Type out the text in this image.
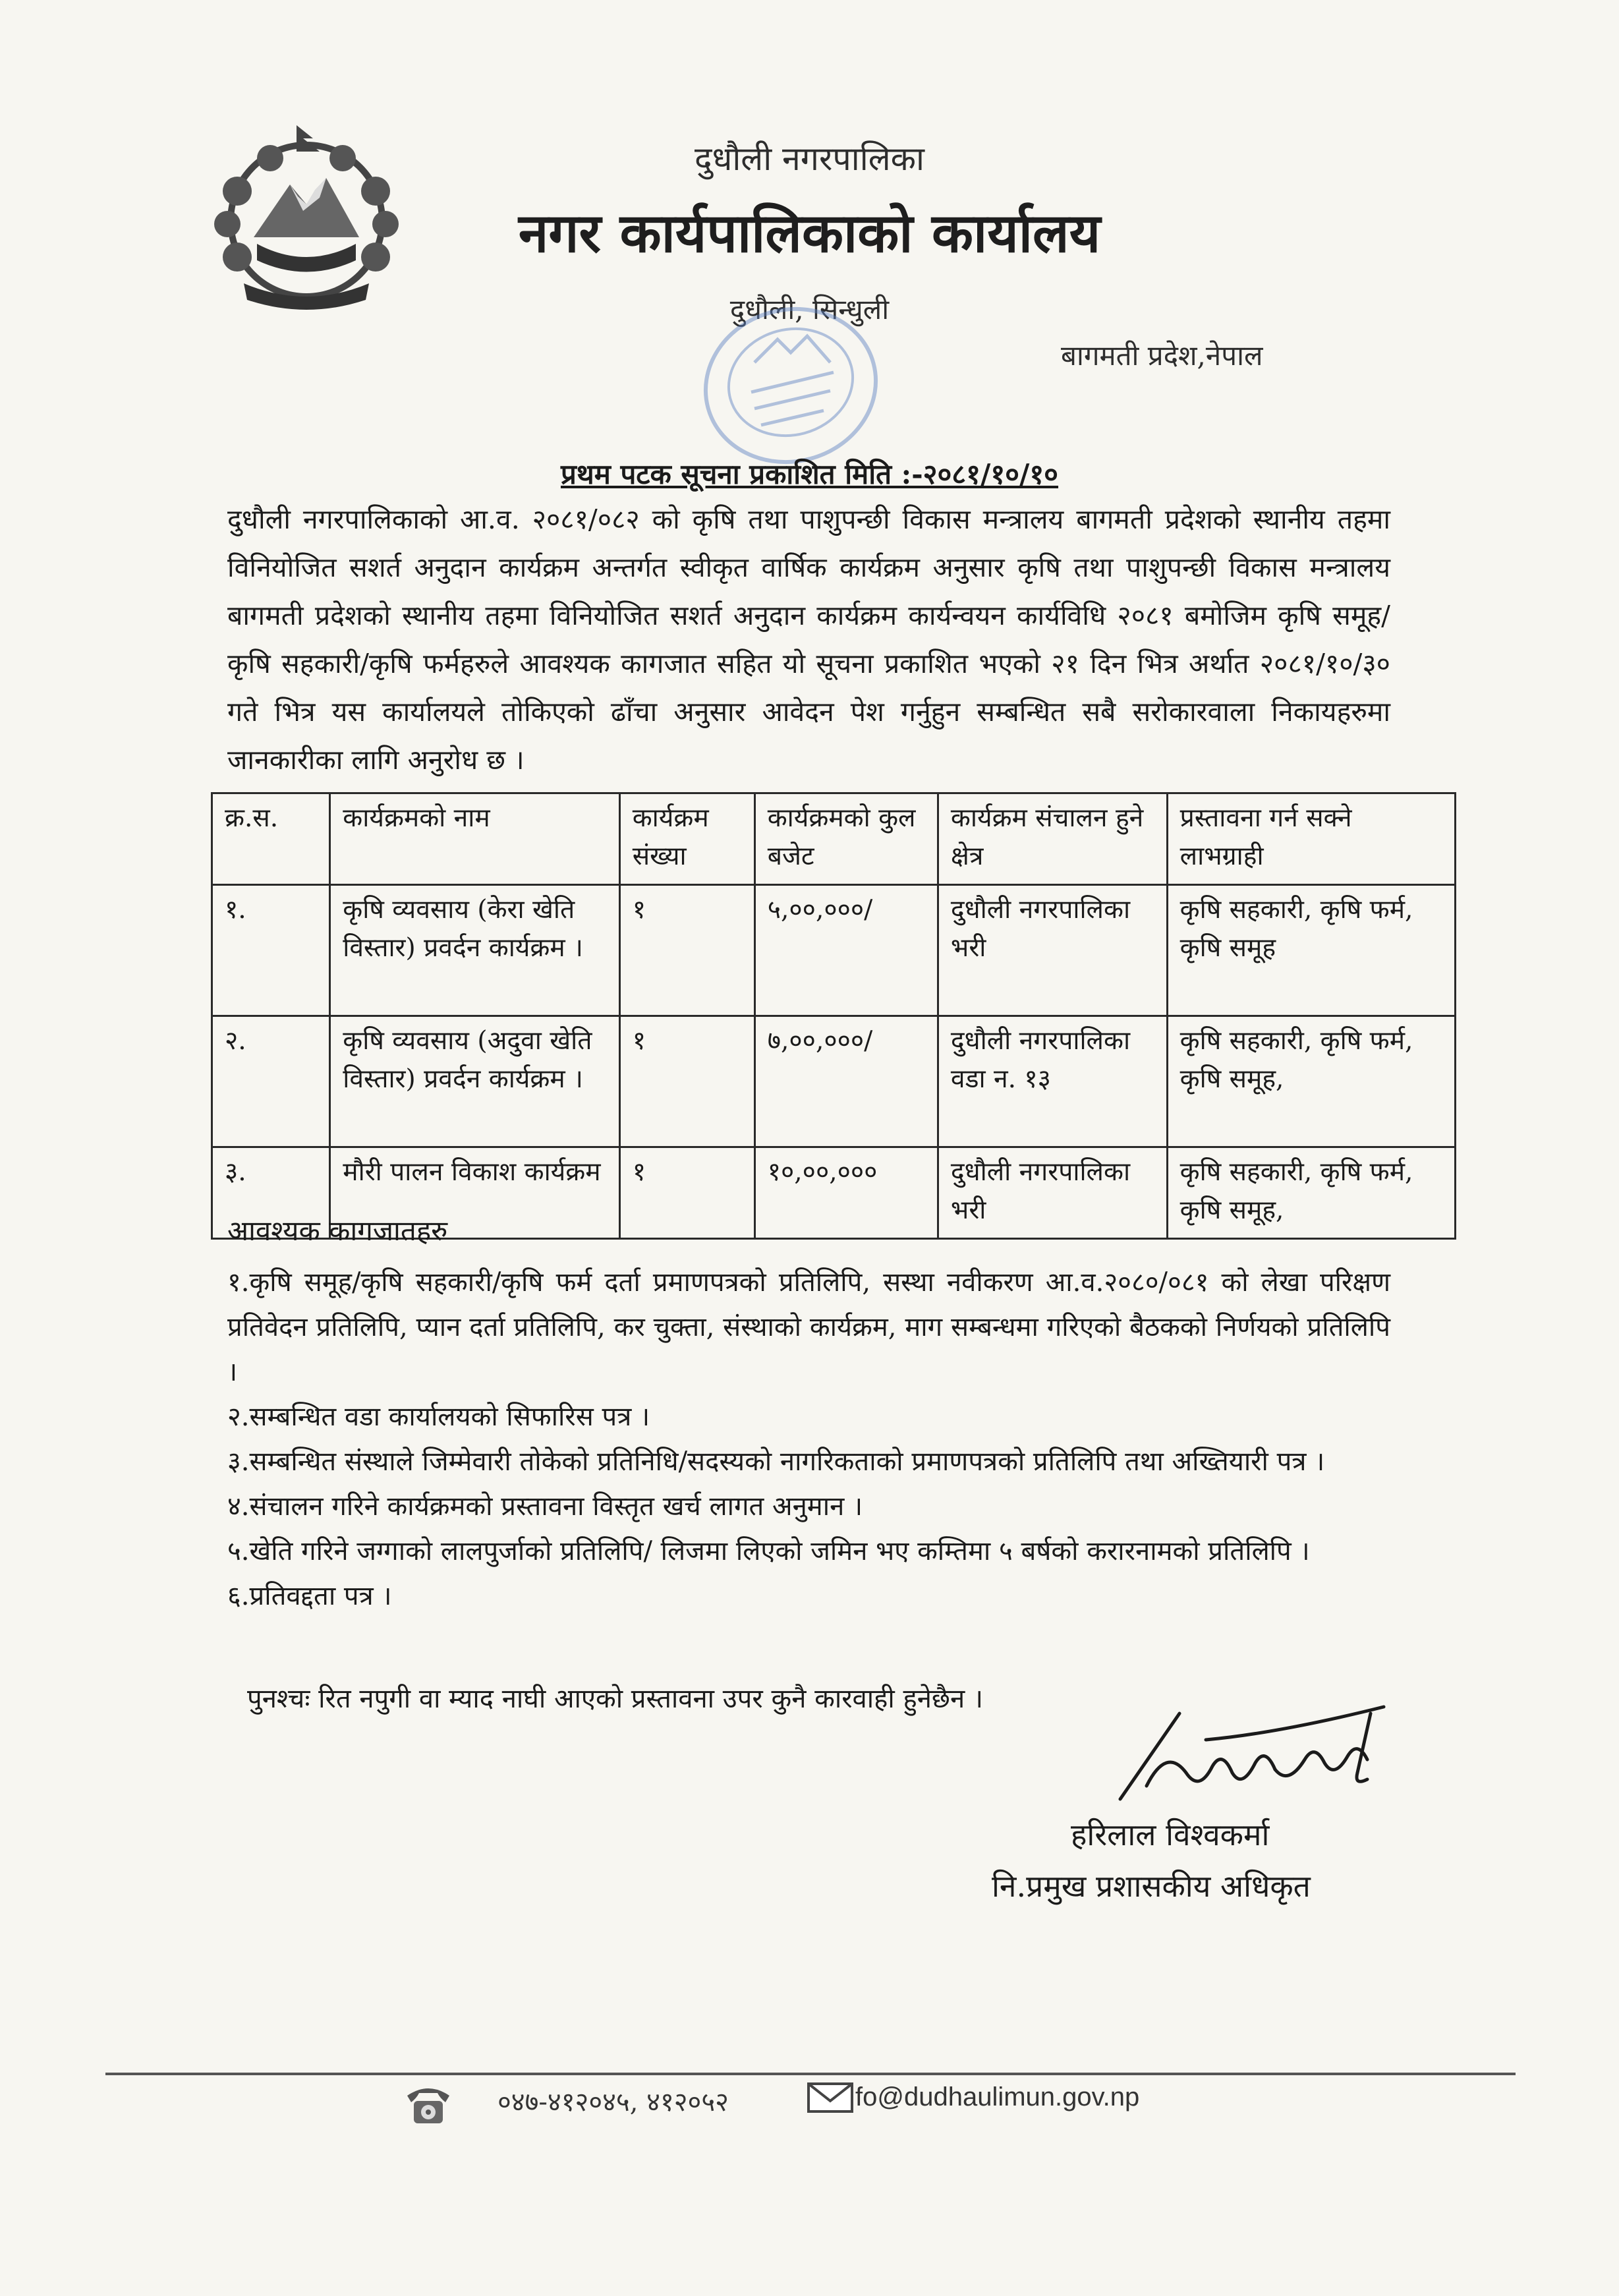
दुधौली नगरपालिका
नगर कार्यपालिकाको कार्यालय
दुधौली, सिन्धुली
बागमती प्रदेश,नेपाल
प्रथम पटक सूचना प्रकाशित मिति :-२०८१/१०/१०
दुधौली नगरपालिकाको आ.व. २०८१/०८२ को कृषि तथा पाशुपन्छी विकास मन्त्रालय बागमती प्रदेशको स्थानीय तहमा विनियोजित सशर्त अनुदान कार्यक्रम अन्तर्गत स्वीकृत वार्षिक कार्यक्रम अनुसार कृषि तथा पाशुपन्छी विकास मन्त्रालय बागमती प्रदेशको स्थानीय तहमा विनियोजित सशर्त अनुदान कार्यक्रम कार्यन्वयन कार्यविधि २०८१ बमोजिम कृषि समूह/कृषि सहकारी/कृषि फर्महरुले आवश्यक कागजात सहित यो सूचना प्रकाशित भएको २१ दिन भित्र अर्थात २०८१/१०/३० गते भित्र यस कार्यालयले तोकिएको ढाँचा अनुसार आवेदन पेश गर्नुहुन सम्बन्धित सबै सरोकारवाला निकायहरुमा जानकारीका लागि अनुरोध छ ।
क्र.स.	कार्यक्रमको नाम	कार्यक्रम संख्या	कार्यक्रमको कुल बजेट	कार्यक्रम संचालन हुने क्षेत्र	प्रस्तावना गर्न सक्ने लाभग्राही
१.	कृषि व्यवसाय (केरा खेति विस्तार) प्रवर्दन कार्यक्रम ।	१	५,००,०००/	दुधौली नगरपालिका भरी	कृषि सहकारी, कृषि फर्म, कृषि समूह
२.	कृषि व्यवसाय (अदुवा खेति विस्तार) प्रवर्दन कार्यक्रम ।	१	७,००,०००/	दुधौली नगरपालिका वडा न. १३	कृषि सहकारी, कृषि फर्म, कृषि समूह,
३.	मौरी पालन विकाश कार्यक्रम	१	१०,००,०००	दुधौली नगरपालिका भरी	कृषि सहकारी, कृषि फर्म, कृषि समूह,
आवश्यक कागजातहरु

१.कृषि समूह/कृषि सहकारी/कृषि फर्म दर्ता प्रमाणपत्रको प्रतिलिपि, सस्था नवीकरण आ.व.२०८०/०८१ को लेखा परिक्षण प्रतिवेदन प्रतिलिपि, प्यान दर्ता प्रतिलिपि, कर चुक्ता, संस्थाको कार्यक्रम, माग सम्बन्धमा गरिएको बैठकको निर्णयको प्रतिलिपि ।

२.सम्बन्धित वडा कार्यालयको सिफारिस पत्र ।

३.सम्बन्धित संस्थाले जिम्मेवारी तोकेको प्रतिनिधि/सदस्यको नागरिकताको प्रमाणपत्रको प्रतिलिपि तथा अख्तियारी पत्र ।

४.संचालन गरिने कार्यक्रमको प्रस्तावना विस्तृत खर्च लागत अनुमान ।

५.खेति गरिने जग्गाको लालपुर्जाको प्रतिलिपि/ लिजमा लिएको जमिन भए कम्तिमा ५ बर्षको करारनामको प्रतिलिपि ।

६.प्रतिवद्दता पत्र ।

पुनश्चः रित नपुगी वा म्याद नाघी आएको प्रस्तावना उपर कुनै कारवाही हुनेछैन ।
हरिलाल विश्वकर्मा
नि.प्रमुख प्रशासकीय अधिकृत
०४७-४१२०४५, ४१२०५२	fo@dudhaulimun.gov.np
